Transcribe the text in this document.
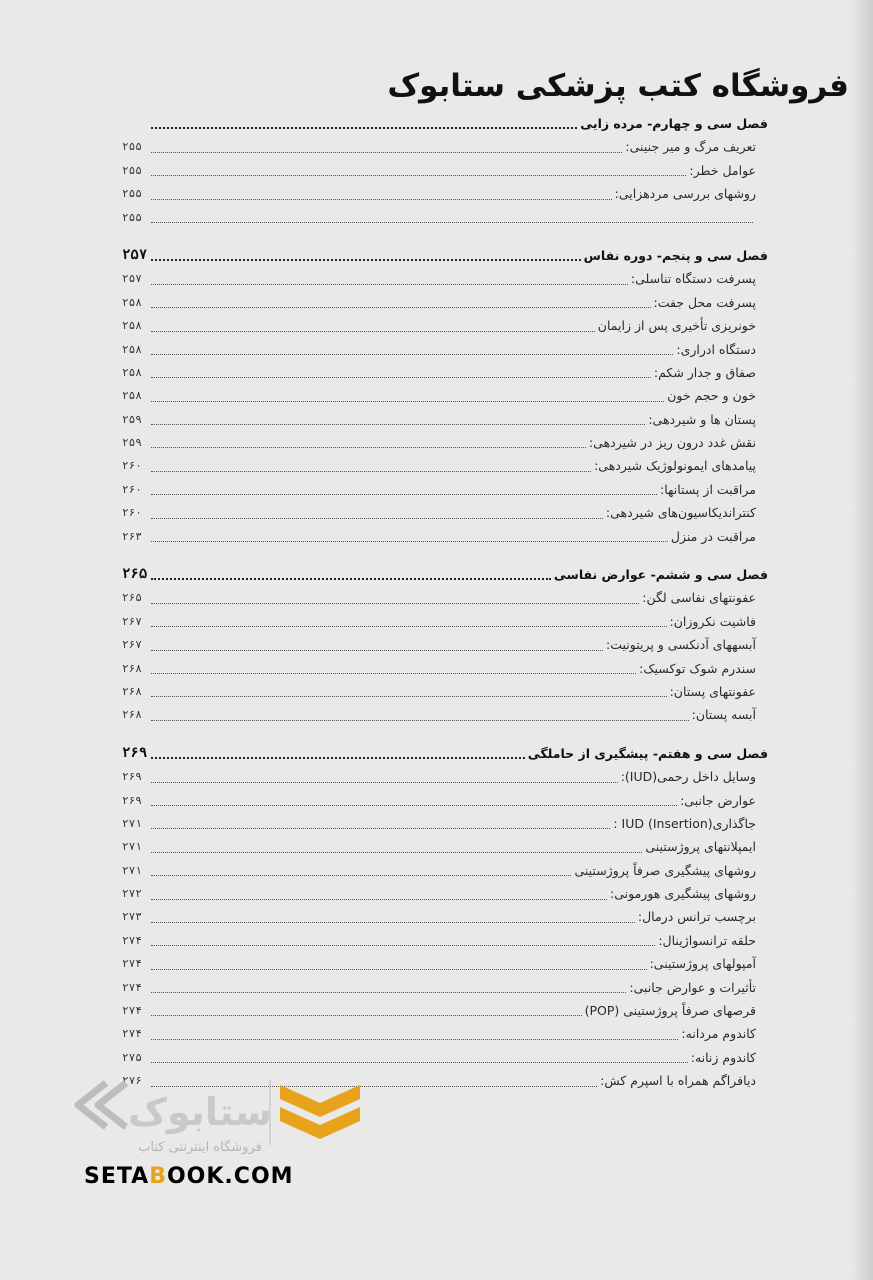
فروشگاه کتب پزشکی ستابوک
فصل سی و چهارم- مرده زایی
تعریف مرگ و میر جنینی:
۲۵۵
عوامل خطر:
۲۵۵
روشهای بررسی مردهزایی:
۲۵۵
۲۵۵
فصل سی و پنجم- دوره نفاس
۲۵۷
پسرفت دستگاه تناسلی:
۲۵۷
پسرفت محل جفت:
۲۵۸
خونریزی تأخیری پس از زایمان
۲۵۸
دستگاه ادراری:
۲۵۸
صفاق و جدار شکم:
۲۵۸
خون و حجم خون
۲۵۸
پستان ها و شیردهی:
۲۵۹
نقش غدد درون ریز در شیردهی:
۲۵۹
پیامدهای ایمونولوژیک شیردهی:
۲۶۰
مراقبت از پستانها:
۲۶۰
کنتراندیکاسیون‌های شیردهی:
۲۶۰
مراقبت در منزل
۲۶۳
فصل سی و ششم- عوارض نفاسی
۲۶۵
عفونتهای نفاسی لگن:
۲۶۵
فاشیت نکروزان:
۲۶۷
آبسههای آدنکسی و پریتونیت:
۲۶۷
سندرم شوک توکسیک:
۲۶۸
عفونتهای پستان:
۲۶۸
آبسه پستان:
۲۶۸
فصل سی و هفتم- پیشگیری از حاملگی
۲۶۹
وسایل داخل رحمی(IUD):
۲۶۹
عوارض جانبی:
۲۶۹
جاگذاری(Insertion) IUD :
۲۷۱
ایمپلانتهای پروژستینی
۲۷۱
روشهای پیشگیری صرفاً پروژستینی
۲۷۱
روشهای پیشگیری هورمونی:
۲۷۲
برچسب ترانس درمال:
۲۷۳
حلقه ترانسواژینال:
۲۷۴
آمپولهای پروژستینی:
۲۷۴
تأثیرات و عوارض جانبی:
۲۷۴
قرصهای صرفاً پروژستینی (POP)
۲۷۴
کاندوم مردانه:
۲۷۴
کاندوم زنانه:
۲۷۵
دیافراگم همراه با اسپرم کش:
۲۷۶
ستابوک
فروشگاه اینترنتی کتاب

SETABOOK.COM
